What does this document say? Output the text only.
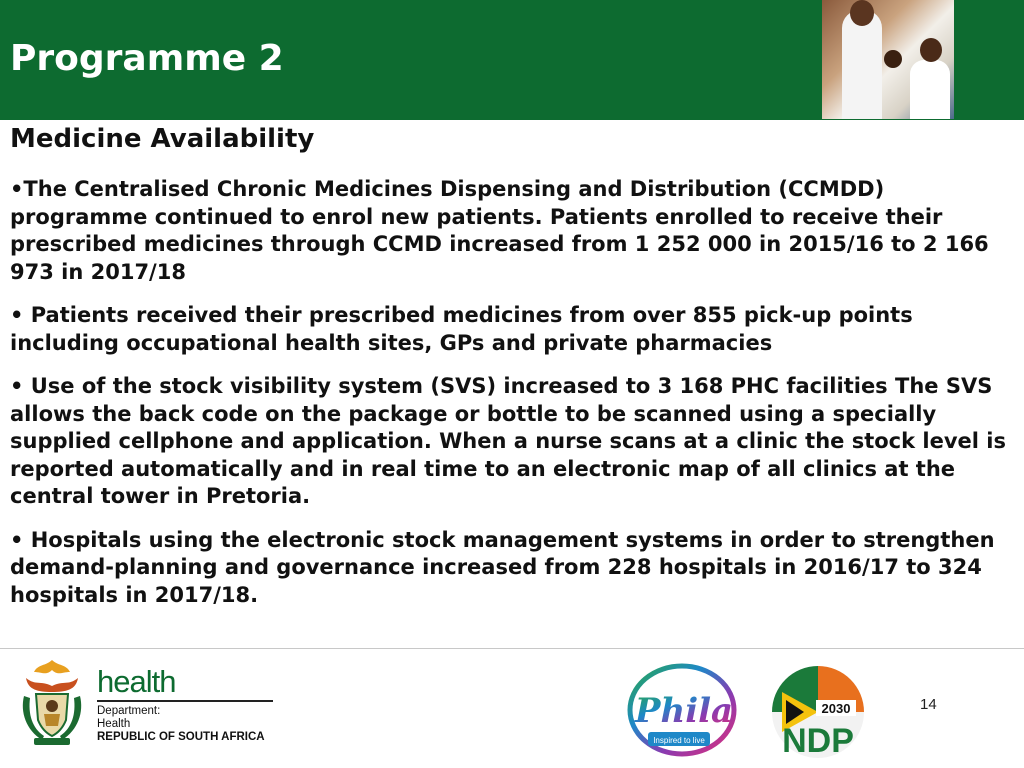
Programme 2
Medicine Availability

•The Centralised Chronic Medicines Dispensing and Distribution (CCMDD) programme continued to enrol new patients. Patients enrolled to receive their prescribed medicines through CCMD increased from 1 252 000 in 2015/16 to 2 166 973 in 2017/18

• Patients received their prescribed medicines from over 855 pick-up points including occupational health sites, GPs and private pharmacies

• Use of the stock visibility system (SVS) increased to 3 168 PHC facilities The SVS allows the back code on the package or bottle to be scanned using a specially supplied cellphone and application. When a nurse scans at a clinic the stock level is reported automatically and in real time to an electronic map of all clinics at the central tower in Pretoria.

• Hospitals using the electronic stock management systems in order to strengthen demand-planning and governance increased from 228 hospitals in 2016/17 to 324 hospitals in 2017/18.

health
Department:
Health
REPUBLIC OF SOUTH AFRICA
Phila
Inspired to live
2030
NDP
14
